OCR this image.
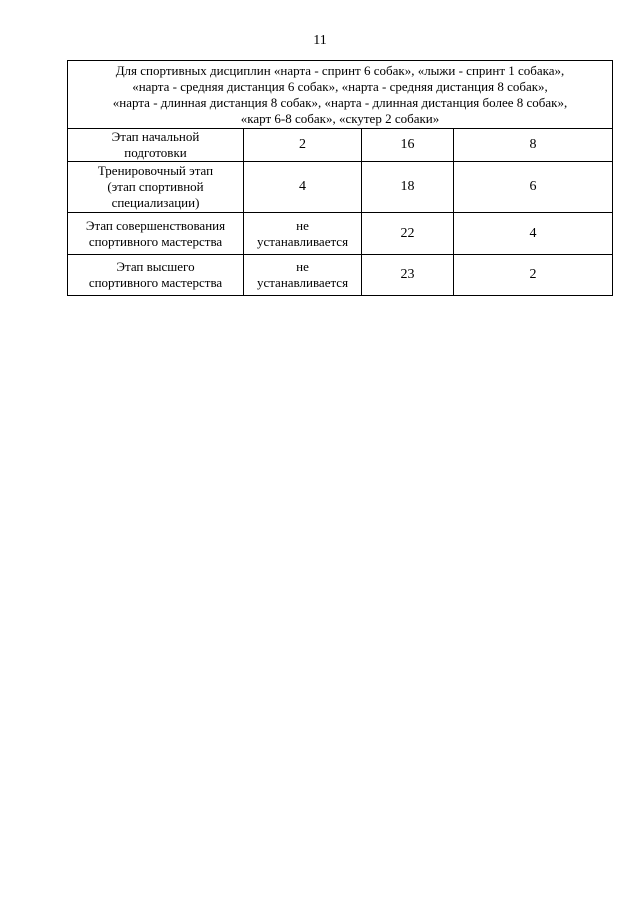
11
Для спортивных дисциплин «нарта - спринт 6 собак», «лыжи - спринт 1 собака»,
«нарта - средняя дистанция 6 собак», «нарта - средняя дистанция 8 собак»,
«нарта - длинная дистанция 8 собак», «нарта - длинная дистанция более 8 собак»,
«карт 6-8 собак», «скутер 2 собаки»			

Этап начальной
подготовки	2	16	8

Тренировочный этап
(этап спортивной
специализации)	4	18	6

Этап совершенствования
спортивного мастерства	не
устанавливается	22	4

Этап высшего
спортивного мастерства	не
устанавливается	23	2
